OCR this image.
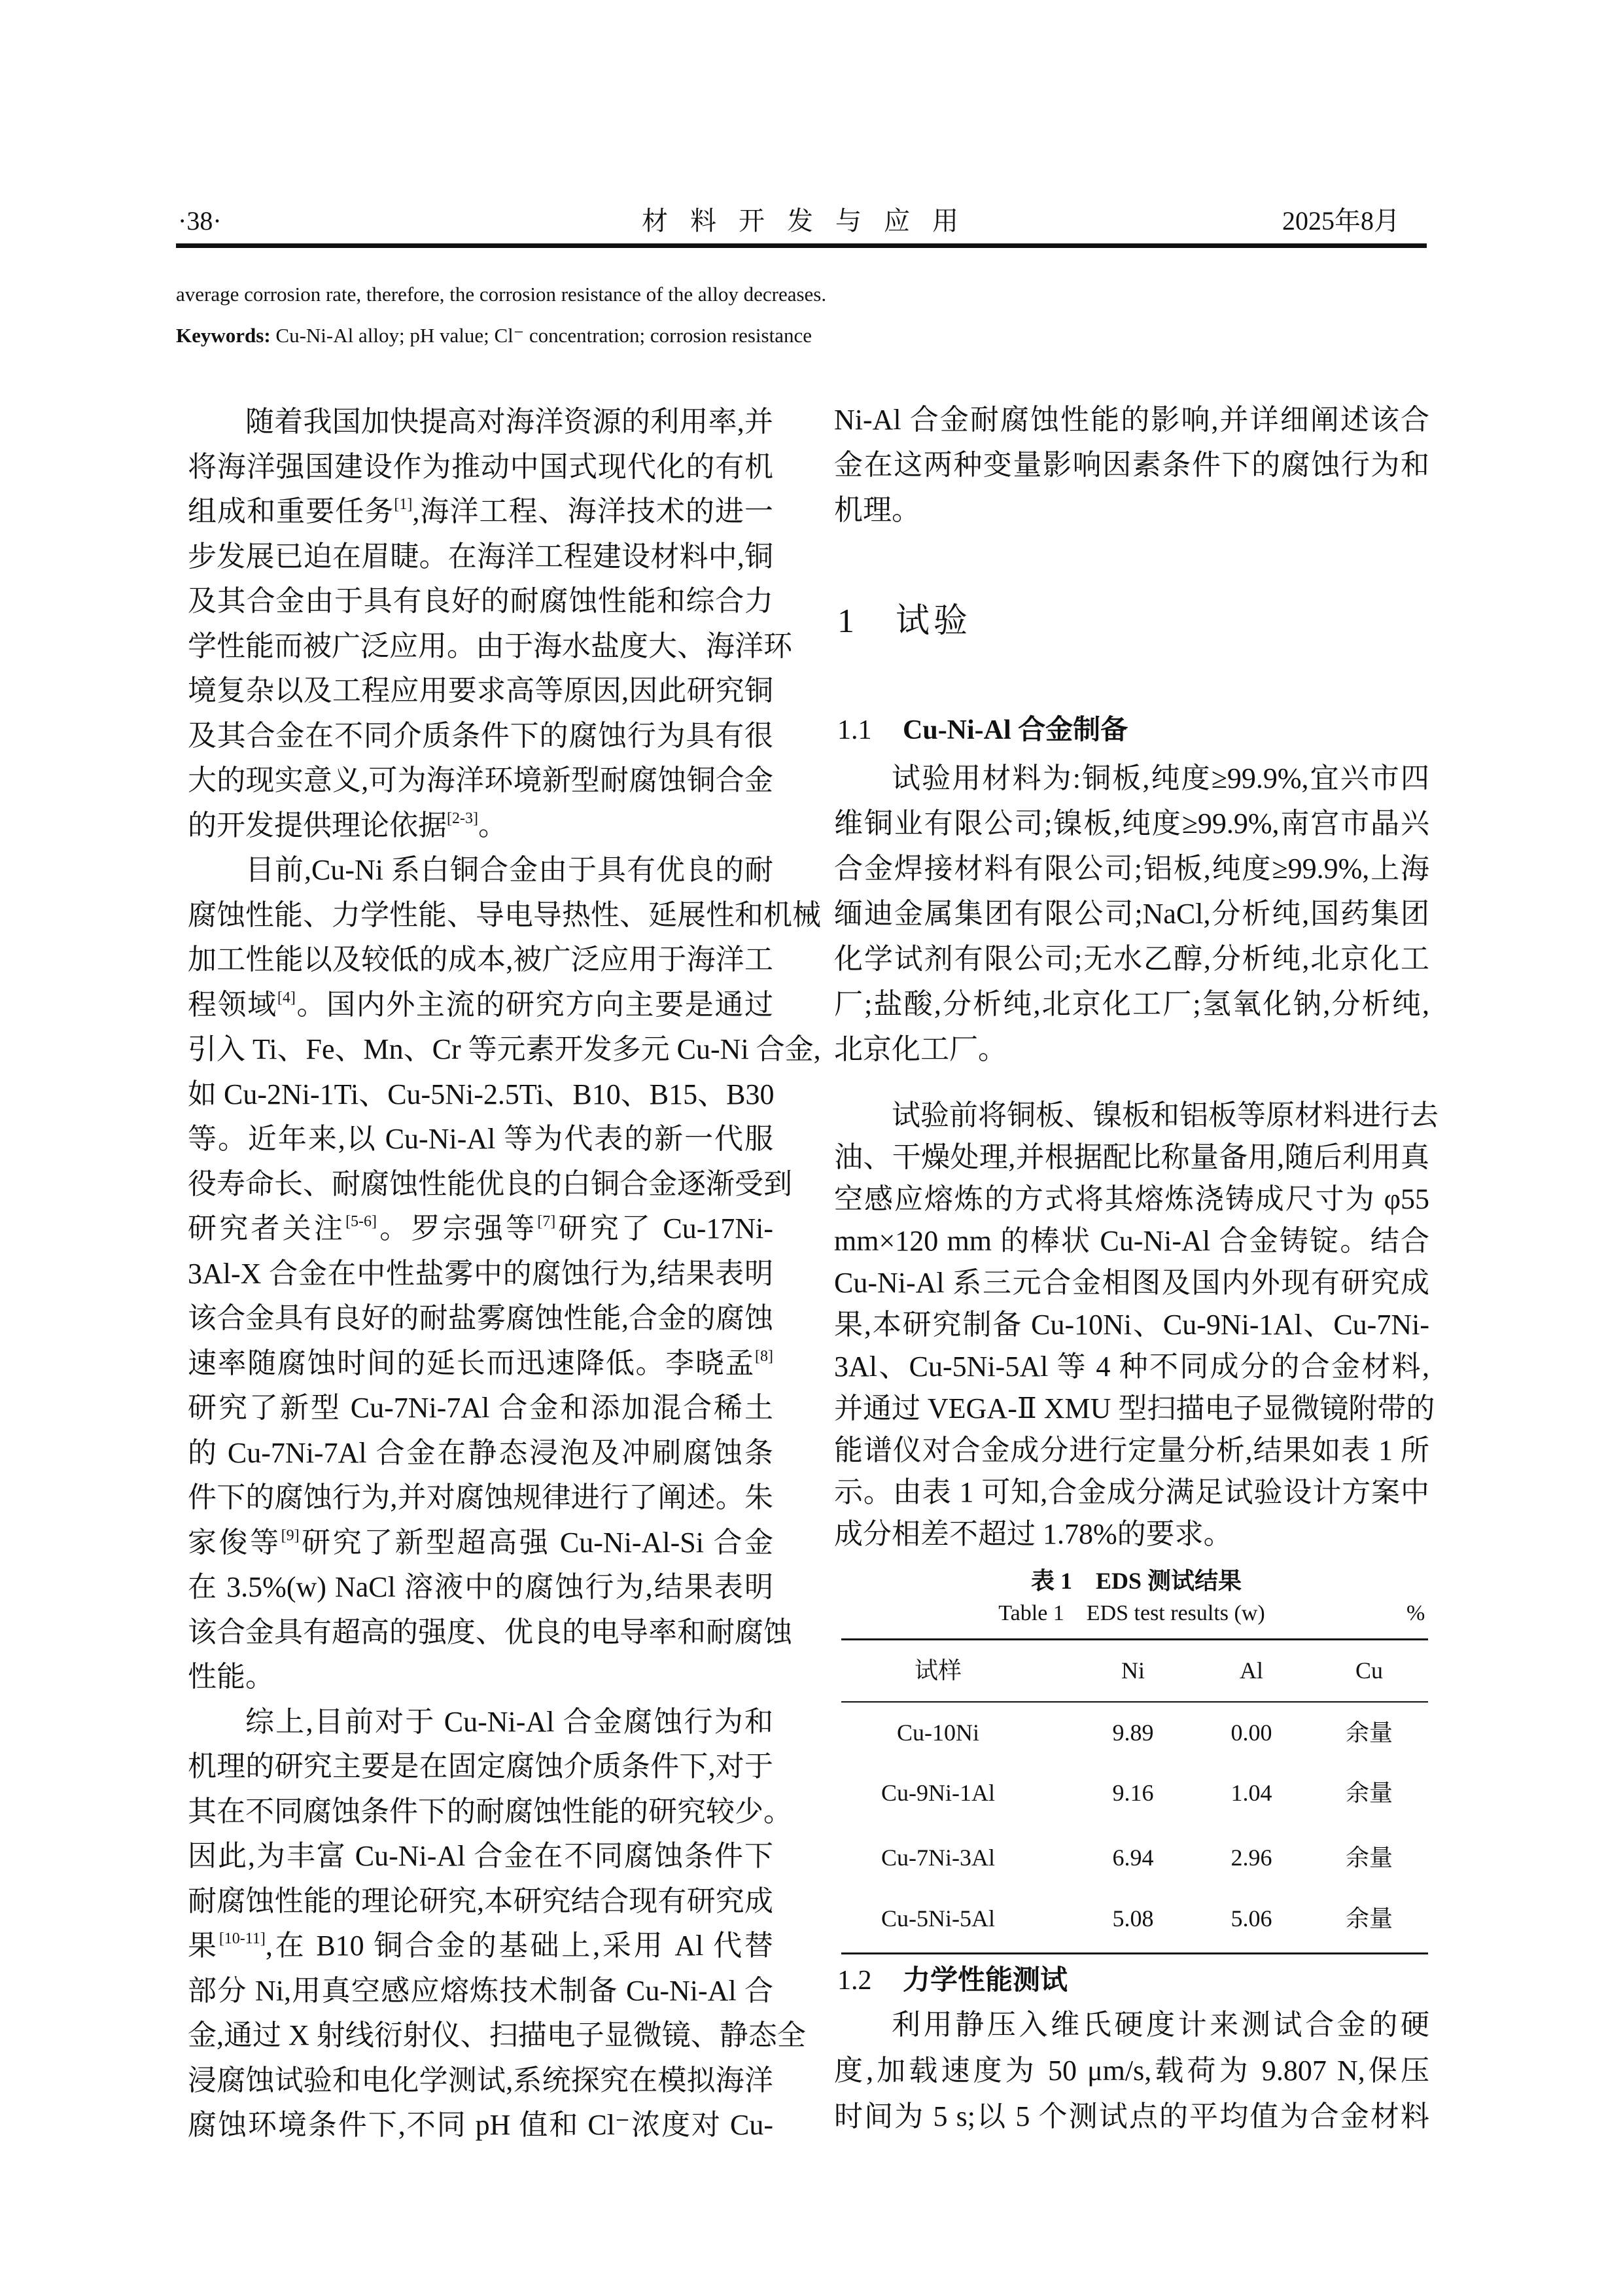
·38·	材料开发与应用	2025年8月
average corrosion rate, therefore, the corrosion resistance of the alloy decreases.
Keywords: Cu-Ni-Al alloy; pH value; Cl⁻ concentration; corrosion resistance
随着我国加快提高对海洋资源的利用率,并
将海洋强国建设作为推动中国式现代化的有机
组成和重要任务[1],海洋工程、海洋技术的进一
步发展已迫在眉睫。在海洋工程建设材料中,铜
及其合金由于具有良好的耐腐蚀性能和综合力
学性能而被广泛应用。由于海水盐度大、海洋环
境复杂以及工程应用要求高等原因,因此研究铜
及其合金在不同介质条件下的腐蚀行为具有很
大的现实意义,可为海洋环境新型耐腐蚀铜合金
的开发提供理论依据[2-3]。
目前,Cu-Ni 系白铜合金由于具有优良的耐
腐蚀性能、力学性能、导电导热性、延展性和机械
加工性能以及较低的成本,被广泛应用于海洋工
程领域[4]。国内外主流的研究方向主要是通过
引入 Ti、Fe、Mn、Cr 等元素开发多元 Cu-Ni 合金,
如 Cu-2Ni-1Ti、Cu-5Ni-2.5Ti、B10、B15、B30
等。近年来,以 Cu-Ni-Al 等为代表的新一代服
役寿命长、耐腐蚀性能优良的白铜合金逐渐受到
研究者关注[5-6]。罗宗强等[7]研究了 Cu-17Ni-
3Al-X 合金在中性盐雾中的腐蚀行为,结果表明
该合金具有良好的耐盐雾腐蚀性能,合金的腐蚀
速率随腐蚀时间的延长而迅速降低。李晓孟[8]
研究了新型 Cu-7Ni-7Al 合金和添加混合稀土
的 Cu-7Ni-7Al 合金在静态浸泡及冲刷腐蚀条
件下的腐蚀行为,并对腐蚀规律进行了阐述。朱
家俊等[9]研究了新型超高强 Cu-Ni-Al-Si 合金
在 3.5%(w) NaCl 溶液中的腐蚀行为,结果表明
该合金具有超高的强度、优良的电导率和耐腐蚀
性能。
综上,目前对于 Cu-Ni-Al 合金腐蚀行为和
机理的研究主要是在固定腐蚀介质条件下,对于
其在不同腐蚀条件下的耐腐蚀性能的研究较少。
因此,为丰富 Cu-Ni-Al 合金在不同腐蚀条件下
耐腐蚀性能的理论研究,本研究结合现有研究成
果[10-11],在 B10 铜合金的基础上,采用 Al 代替
部分 Ni,用真空感应熔炼技术制备 Cu-Ni-Al 合
金,通过 X 射线衍射仪、扫描电子显微镜、静态全
浸腐蚀试验和电化学测试,系统探究在模拟海洋
腐蚀环境条件下,不同 pH 值和 Cl⁻浓度对 Cu-
Ni-Al 合金耐腐蚀性能的影响,并详细阐述该合
金在这两种变量影响因素条件下的腐蚀行为和
机理。
试验用材料为:铜板,纯度≥99.9%,宜兴市四
维铜业有限公司;镍板,纯度≥99.9%,南宫市晶兴
合金焊接材料有限公司;铝板,纯度≥99.9%,上海
缅迪金属集团有限公司;NaCl,分析纯,国药集团
化学试剂有限公司;无水乙醇,分析纯,北京化工
厂;盐酸,分析纯,北京化工厂;氢氧化钠,分析纯,
北京化工厂。
试验前将铜板、镍板和铝板等原材料进行去
油、干燥处理,并根据配比称量备用,随后利用真
空感应熔炼的方式将其熔炼浇铸成尺寸为 φ55
mm×120 mm 的棒状 Cu-Ni-Al 合金铸锭。结合
Cu-Ni-Al 系三元合金相图及国内外现有研究成
果,本研究制备 Cu-10Ni、Cu-9Ni-1Al、Cu-7Ni-
3Al、Cu-5Ni-5Al 等 4 种不同成分的合金材料,
并通过 VEGA-Ⅱ XMU 型扫描电子显微镜附带的
能谱仪对合金成分进行定量分析,结果如表 1 所
示。由表 1 可知,合金成分满足试验设计方案中
成分相差不超过 1.78%的要求。
利用静压入维氏硬度计来测试合金的硬
度,加载速度为 50 μm/s,载荷为 9.807 N,保压
时间为 5 s;以 5 个测试点的平均值为合金材料
1 试验
1.1 Cu-Ni-Al 合金制备
1.2 力学性能测试
表 1　EDS 测试结果
Table 1　EDS test results (w)	%
试样	Ni	Al	Cu
Cu-10Ni	9.89	0.00	余量
Cu-9Ni-1Al	9.16	1.04	余量
Cu-7Ni-3Al	6.94	2.96	余量
Cu-5Ni-5Al	5.08	5.06	余量
